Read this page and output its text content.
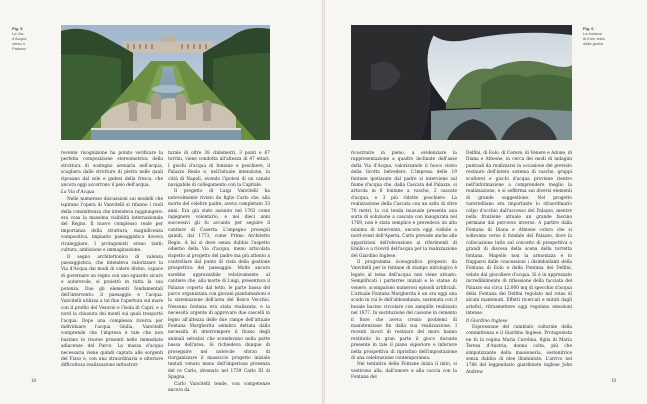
Fig. 5
La Via d'Acqua
verso il Palazzo

recente ricognizione ha potuto verificare la perfetta composizione stereometrica della struttura di sostegno arenaria nell'acqua, scogliera dalle strutture di pietra nelle quali riposano dal sole e gadesi della fresca, che ancora oggi accorrono il pelo dell'acqua.

La Via d'Acqua

Nelle numerose discussioni sui modelli che ispirano l'opera di Vanvitelli si rifanno i ruoli della committenza che intendeva raggiungere: era cosa la massima visibilità internazionale del Regno. Il nuovo complesso reale per importanza della struttura, magnificenza compositiva, impianto paesaggistico doveva rivaleggiare. I protagonisti erano tanti: cultura, ambizione e immaginazione.

Il segno architettonico di valenza paesaggistica, che intendeva valorizzare la Via d'Acqua dai modi di valere divino, capace di governare un regno con uno sguardo sicuro e autorevole, si proiettò in tutta la sua potenza. Due gli elementi fondamentali dell'intervento: il paesaggio e l'acqua. Vanvitelli utilizza a tal fine l'apertura sul mare con il profilo del Vesuvio e l'isola di Capri, e a nord la chiusura dei monti sui quali trasportò l'acqua. Dopo una complessa ricerca per individuare l'acqua Giulia, Vanvitelli comprende che l'impresa è tale che non bastano le risorse presenti nelle immediate adiacenze del Parco. La massa d'acqua necessaria viene quindi captata alle sorgenti del Fizzo e, con una straordinaria e ulteriore difficoltosa realizzazione infrastrut-

turale di oltre 38 chilometri, 3 ponti e 67 torrini, viene condotta all'altezza di 47 ettari. I giochi d'acqua di fontane e peschiere, il Palazzo Reale e, nell'intuale intenzione, la città di Napoli, avendo l'ipotesi di un canale navigabile di collegamento con la Capitale.

Il progetto di Luigi Vanvitelli ha notevolmente rivisto da figlio Carlo che, alla morte del celebre padre, aveva completato 33 anni. Era già stato assunto nel 1763 come ingegnere volontario, e nei dieci anni successivi gli fu accanto per seguire il cantiere di Caserta. L'impegno proseguì quindi, dal 1773, come Primo Architetto Regio. A lui si deve senza dubbio l'aspetto odierno della Via d'acqua, meno articolata rispetto al progetto del padre ma più attento a controllare dal punto di vista della gestione prospettica del paesaggio. Molto ancora sarebbe apprezzabile relativamente al cantiere che, alla morte di Luigi, presentava il Palazzo coperto dal tetto, le parte bassa del parco organizzata con giovani piantumazioni e la sistemazione dell'area del Bosco Vecchio. Nessuna fontana era stata realizzata, e la necessità urgente di approvare due cascelli in legno all'altezza delle due rampe dell'attuale Fontana Margherita semibra dettata dalla necessità di interrompere il flusso degli animali selvatici che scendevano nella parte bassa dell'area. Si richiedeva dunque di proseguire nel notevole sforzo di riorganizzare il massiccio progetto iniziale tentati venuto meno dell'imperiosa presenza del re Carlo, divenuto nel 1759 Carlo III di Spagna.

Carlo Vanvitelli tende, con competenze ancora da

18
Fig. 6
La fontana
di Eolo vista
dalla grotta

ricostruire in pieno, a evidenziare la rappresentazione a quadro inclinate dell'asse della Via d'Acqua, valorizzando il fuoco visivo della Grotta belvedere. L'impresa delle 19 fontane ipotizzate dal padre si interviene sul fiume d'acqua che, dalla Cascata del Palazzo, si articola in 6 fontane a vasche, 2 cascate d'acqua, e 3 più ridotte peschiere. La realizzazione della Cascata con un salto di oltre 70 metri, la cui tenda inusuale presenta una sorta di soluzione a cascata con inaugurata nel 1769, non è stata semplice e prevedeva un alto minimo di intervento, ancora oggi visibile a nord-ovest dell'Aperta. Carlo prevede anche alle apparizioni dell'elevazione ai riferimenti di Emilio e a riceviti dell'acqua per la realizzazione del Giardino Inglese.

Il programma iconografico proposto da Vanvitelli per le fontane di stampo mitologico è legato al tema dell'acqua non viene attuato. Semplificati i parterres iniziali e le statue di venere, scompaiono numerosi episodi artificiali. L'attuale Fontana Margherita è un ora oggi una scudo in cui le dell'abbondanza, sostenuta con il bosale bacino circolare con zampille realizzato nel 1877. In sostituzione del cassone in cemento il fiore che aveva creato problemi di manutenzione fin dalla sua realizzazione. I recenti lavori di restauro del muro hanno restituito in gran parte il gioco durante presente in tale il piano superiore e inferiore nella prospettiva di ripristino dell'impostazione di una celebrazione contemporanea.

Nel tentativo delle Fontane inizia il mito, si vestirono alla, dall'amore e alla caccia con la Fontana del

Delfini, di Eolo, di Cerere, di Venere e Adone, di Diana e Atteone, in cerca dei modi di indagini puntuali da realizzarsi in occasione del previsto restauro dell'intero sistema di vasche, gruppi scultorei e giochi d'acqua proviene rientro nell'informazione a comprendere meglio la realizzazione, e si sofferma sui diversi elementi di grande suggestione. Nel progetto vanvitelliano era importante lo straordinario colpo d'occhio dall'accesso del Palazzo, mentre nella fruizione attuale un grande fascino permane dal percorso inverso. A partire dalla Fontana di Diana e Atteone coloro che si sollevano verso il fondale del Palazzo, dove la collocazione tutto sul concetto di prospettiva a grandi di discesa della scena della torretta fontana. Mapello non la armonizza e lo frapparsi dalle concessioni i disimballanti della Fontana di Eolo e della Fontana dei Delfini, velato dal giocoliere d'acqua. Si è in apprezzato incredibilmente di riflessione della facciata del Palazzo sui circa 12.000 mq di specchio d'acqua della Fontana dei Delfini regolato nel rotas di alcuni mantenuti. Effetti ricercati e mirati dagli artefici, ritrasmettere oggi regolano emozioni intense.

Il Giardino Inglese

Espressione del cambiato culturale della committenza e il Giardino Inglese. Protagonista ne fu la regina Maria Carolina, figlia di Maria Teresa d'Austria, donna colta, più che simpatizzante della massoneria, sostenitrice senza dubbio di idee illuministe. L'arrivo nel 1786 del leggendario giardiniere inglese John Andrew

19
